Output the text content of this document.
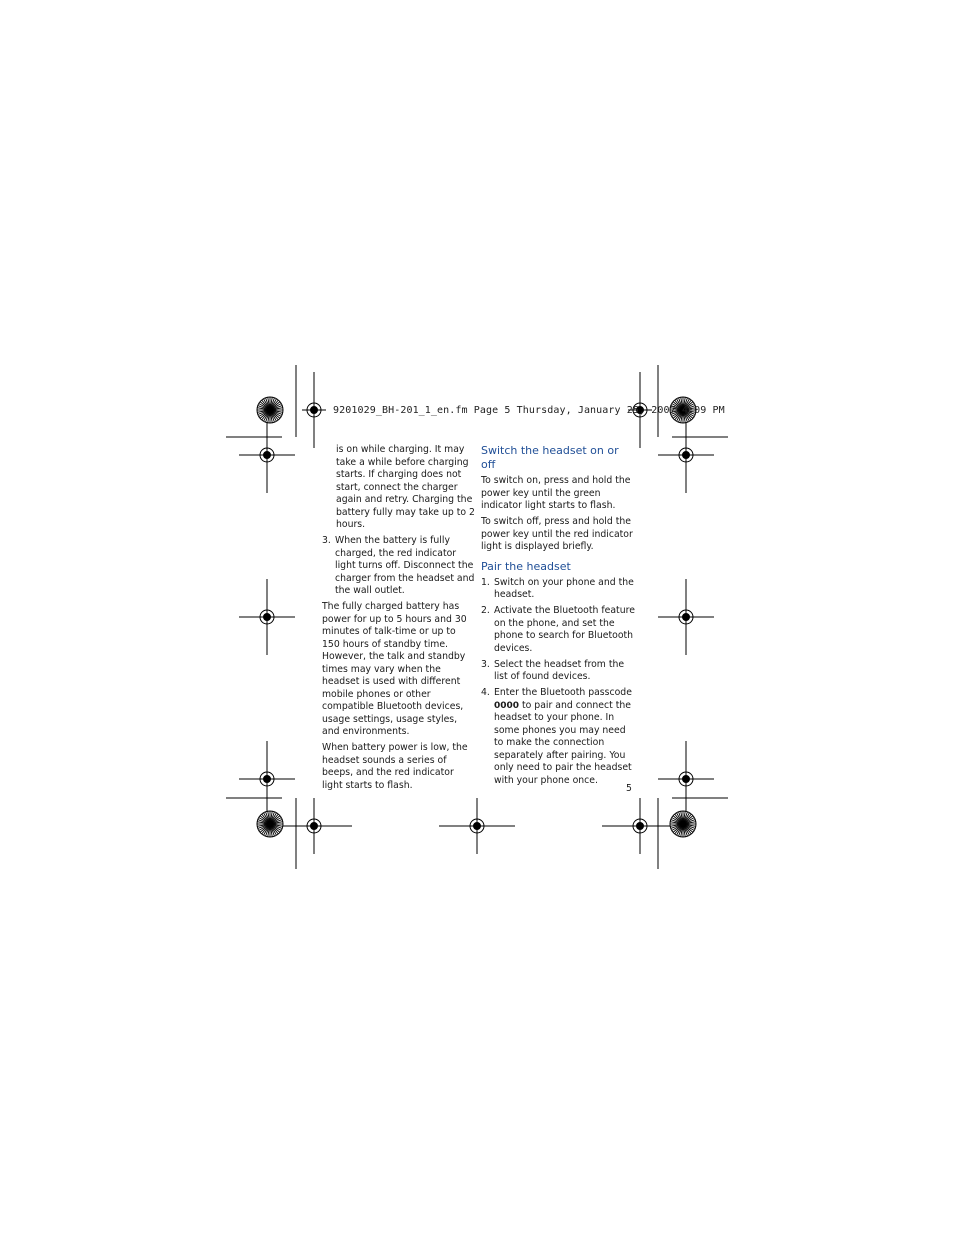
9201029_BH-201_1_en.fm Page 5 Thursday, January 25, 2007 4:09 PM

is on while charging. It may take a while before charging starts. If charging does not start, connect the charger again and retry. Charging the battery fully may take up to 2 hours.

3. When the battery is fully charged, the red indicator light turns off. Disconnect the charger from the headset and the wall outlet.

The fully charged battery has power for up to 5 hours and 30 minutes of talk-time or up to 150 hours of standby time. However, the talk and standby times may vary when the headset is used with different mobile phones or other compatible Bluetooth devices, usage settings, usage styles, and environments.

When battery power is low, the headset sounds a series of beeps, and the red indicator light starts to flash.

Switch the headset on or off

To switch on, press and hold the power key until the green indicator light starts to flash.

To switch off, press and hold the power key until the red indicator light is displayed briefly.

Pair the headset
1. Switch on your phone and the headset.
2. Activate the Bluetooth feature on the phone, and set the phone to search for Bluetooth devices.
3. Select the headset from the list of found devices.
4. Enter the Bluetooth passcode 0000 to pair and connect the headset to your phone. In some phones you may need to make the connection separately after pairing. You only need to pair the headset with your phone once.
5
